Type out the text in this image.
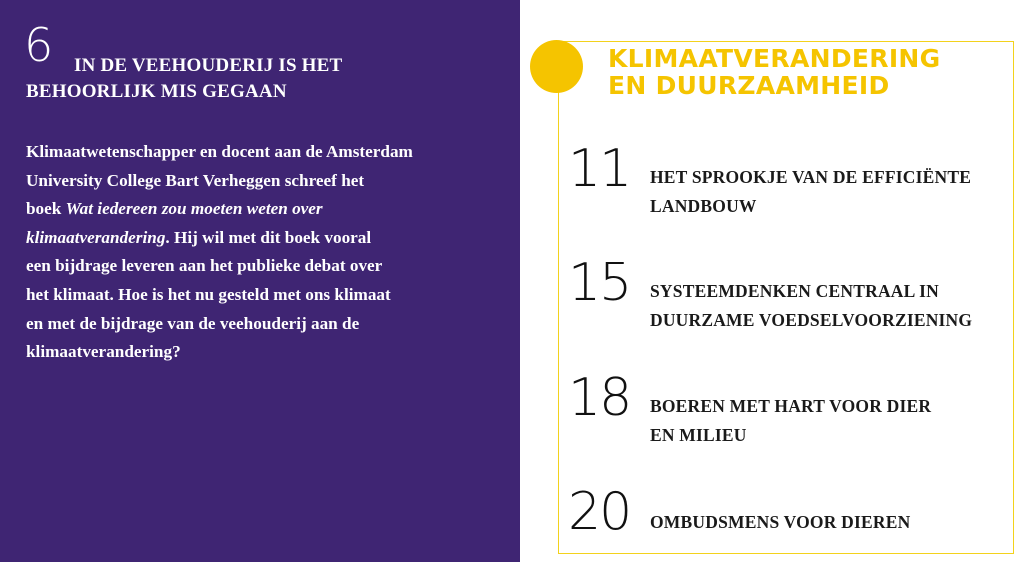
6	IN DE VEEHOUDERIJ IS HET
BEHOORLIJK MIS GEGAAN
Klimaatwetenschapper en docent aan de Amsterdam
University College Bart Verheggen schreef het
boek Wat iedereen zou moeten weten over
klimaatverandering. Hij wil met dit boek vooral
een bijdrage leveren aan het publieke debat over
het klimaat. Hoe is het nu gesteld met ons klimaat
en met de bijdrage van de veehouderij aan de
klimaatverandering?
KLIMAATVERANDERING
EN DUURZAAMHEID
11 HET SPROOKJE VAN DE EFFICIËNTE
LANDBOUW
15 SYSTEEMDENKEN CENTRAAL IN
DUURZAME VOEDSELVOORZIENING
18 BOEREN MET HART VOOR DIER
EN MILIEU
20 OMBUDSMENS VOOR DIEREN
